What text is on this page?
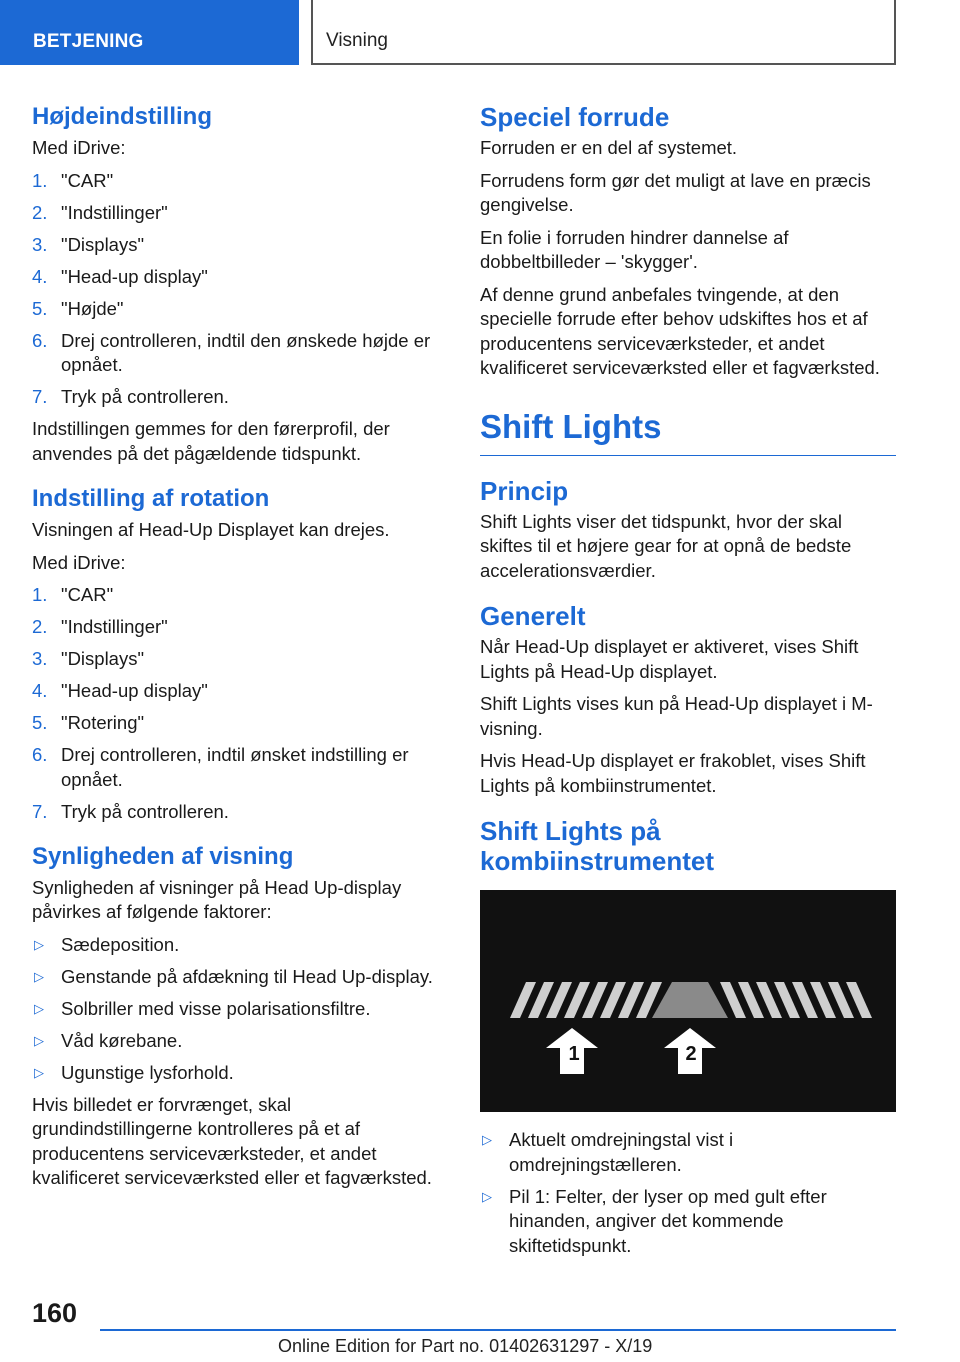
BETJENING	Visning
Højdeindstilling
Med iDrive:
1. "CAR"
2. "Indstillinger"
3. "Displays"
4. "Head-up display"
5. "Højde"
6. Drej controlleren, indtil den ønskede højde er opnået.
7. Tryk på controlleren.
Indstillingen gemmes for den førerprofil, der anvendes på det pågældende tidspunkt.
Indstilling af rotation
Visningen af Head-Up Displayet kan drejes.
Med iDrive:
1. "CAR"
2. "Indstillinger"
3. "Displays"
4. "Head-up display"
5. "Rotering"
6. Drej controlleren, indtil ønsket indstilling er opnået.
7. Tryk på controlleren.
Synligheden af visning
Synligheden af visninger på Head Up-display påvirkes af følgende faktorer:
▷ Sædeposition.
▷ Genstande på afdækning til Head Up-display.
▷ Solbriller med visse polarisationsfiltre.
▷ Våd kørebane.
▷ Ugunstige lysforhold.
Hvis billedet er forvrænget, skal grundindstillingerne kontrolleres på et af producentens serviceværksteder, et andet kvalificeret serviceværksted eller et fagværksted.
Speciel forrude
Forruden er en del af systemet.
Forrudens form gør det muligt at lave en præcis gengivelse.
En folie i forruden hindrer dannelse af dobbeltbilleder – 'skygger'.
Af denne grund anbefales tvingende, at den specielle forrude efter behov udskiftes hos et af producentens serviceværksteder, et andet kvalificeret serviceværksted eller et fagværksted.
Shift Lights
Princip
Shift Lights viser det tidspunkt, hvor der skal skiftes til et højere gear for at opnå de bedste accelerationsværdier.
Generelt
Når Head-Up displayet er aktiveret, vises Shift Lights på Head-Up displayet.
Shift Lights vises kun på Head-Up displayet i M-visning.
Hvis Head-Up displayet er frakoblet, vises Shift Lights på kombiinstrumentet.
Shift Lights på kombiinstrumentet
1	2
▷ Aktuelt omdrejningstal vist i omdrejningstælleren.
▷ Pil 1: Felter, der lyser op med gult efter hinanden, angiver det kommende skiftetidspunkt.
160
Online Edition for Part no. 01402631297 - X/19
